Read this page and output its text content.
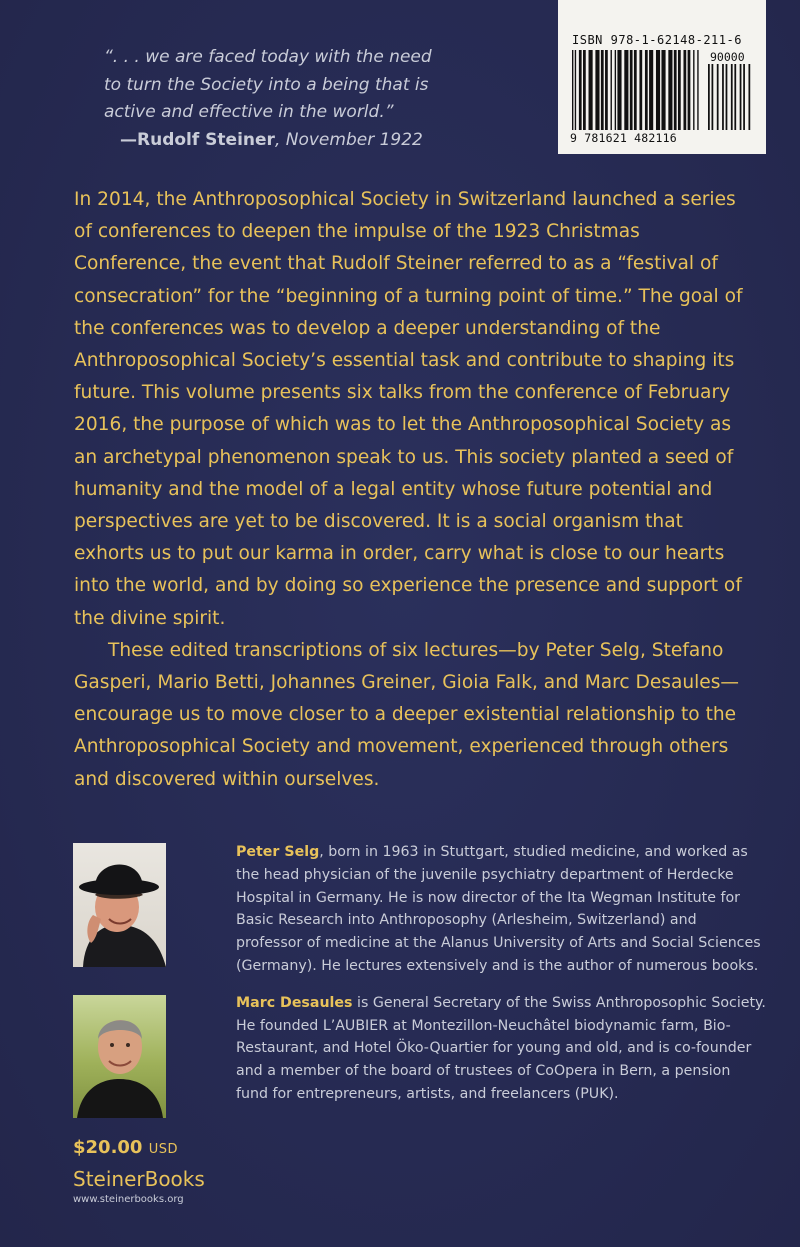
“. . . we are faced today with the need
to turn the Society into a being that is
active and effective in the world.”
—Rudolf Steiner, November 1922
ISBN 978-1-62148-211-6
90000
9 781621 482116

In 2014, the Anthroposophical Society in Switzerland launched a series of conferences to deepen the impulse of the 1923 Christmas Conference, the event that Rudolf Steiner referred to as a “festival of consecration” for the “beginning of a turning point of time.” The goal of the conferences was to develop a deeper understanding of the Anthroposophical Society’s essential task and contribute to shaping its future. This volume presents six talks from the conference of February 2016, the purpose of which was to let the Anthroposophical Society as an archetypal phenomenon speak to us. This society planted a seed of humanity and the model of a legal entity whose future potential and perspectives are yet to be discovered. It is a social organism that exhorts us to put our karma in order, carry what is close to our hearts into the world, and by doing so experience the presence and support of the divine spirit.

These edited transcriptions of six lectures—by Peter Selg, Stefano Gasperi, Mario Betti, Johannes Greiner, Gioia Falk, and Marc Desaules—encourage us to move closer to a deeper existential relationship to the Anthroposophical Society and movement, experienced through others and discovered within ourselves.

Peter Selg, born in 1963 in Stuttgart, studied medicine, and worked as the head physician of the juvenile psychiatry department of Herdecke Hospital in Germany. He is now director of the Ita Wegman Institute for Basic Research into Anthroposophy (Arlesheim, Switzerland) and professor of medicine at the Alanus University of Arts and Social Sciences (Germany). He lectures extensively and is the author of numerous books.

Marc Desaules is General Secretary of the Swiss Anthroposophic Society. He founded L’AUBIER at Montezillon-Neuchâtel biodynamic farm, Bio-Restaurant, and Hotel Öko-Quartier for young and old, and is co-founder and a member of the board of trustees of CoOpera in Bern, a pension fund for entrepreneurs, artists, and freelancers (PUK).

$20.00 USD
SteinerBooks
www.steinerbooks.org
